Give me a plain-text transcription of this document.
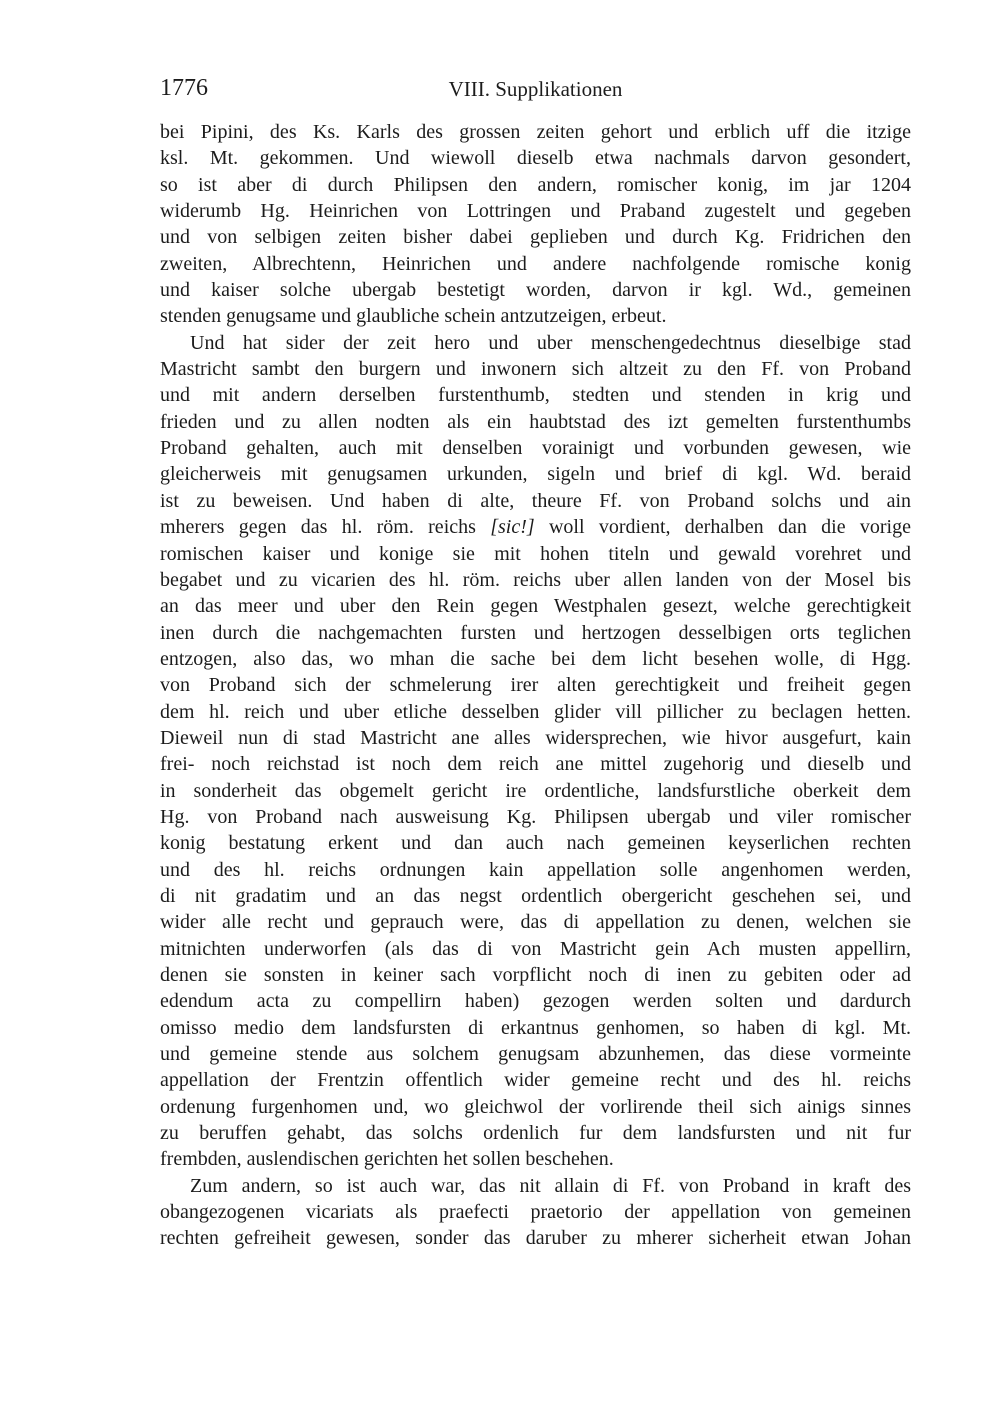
1776	VIII. Supplikationen
bei Pipini, des Ks. Karls des grossen zeiten gehort und erblich uff die itzige
ksl. Mt. gekommen. Und wiewoll dieselb etwa nachmals darvon gesondert,
so ist aber di durch Philipsen den andern, romischer konig, im jar 1204
widerumb Hg. Heinrichen von Lottringen und Praband zugestelt und gegeben
und von selbigen zeiten bisher dabei geplieben und durch Kg. Fridrichen den
zweiten, Albrechtenn, Heinrichen und andere nachfolgende romische konig
und kaiser solche ubergab bestetigt worden, darvon ir kgl. Wd., gemeinen
stenden genugsame und glaubliche schein antzutzeigen, erbeut.
Und hat sider der zeit hero und uber menschengedechtnus dieselbige stad
Mastricht sambt den burgern und inwonern sich altzeit zu den Ff. von Proband
und mit andern derselben furstenthumb, stedten und stenden in krig und
frieden und zu allen nodten als ein haubtstad des izt gemelten furstenthumbs
Proband gehalten, auch mit denselben vorainigt und vorbunden gewesen, wie
gleicherweis mit genugsamen urkunden, sigeln und brief di kgl. Wd. beraid
ist zu beweisen. Und haben di alte, theure Ff. von Proband solchs und ain
mherers gegen das hl. röm. reichs [sic!] woll vordient, derhalben dan die vorige
romischen kaiser und konige sie mit hohen titeln und gewald vorehret und
begabet und zu vicarien des hl. röm. reichs uber allen landen von der Mosel bis
an das meer und uber den Rein gegen Westphalen gesezt, welche gerechtigkeit
inen durch die nachgemachten fursten und hertzogen desselbigen orts teglichen
entzogen, also das, wo mhan die sache bei dem licht besehen wolle, di Hgg.
von Proband sich der schmelerung irer alten gerechtigkeit und freiheit gegen
dem hl. reich und uber etliche desselben glider vill pillicher zu beclagen hetten.
Dieweil nun di stad Mastricht ane alles widersprechen, wie hivor ausgefurt, kain
frei- noch reichstad ist noch dem reich ane mittel zugehorig und dieselb und
in sonderheit das obgemelt gericht ire ordentliche, landsfurstliche oberkeit dem
Hg. von Proband nach ausweisung Kg. Philipsen ubergab und viler romischer
konig bestatung erkent und dan auch nach gemeinen keyserlichen rechten
und des hl. reichs ordnungen kain appellation solle angenhomen werden,
di nit gradatim und an das negst ordentlich obergericht geschehen sei, und
wider alle recht und geprauch were, das di appellation zu denen, welchen sie
mitnichten underworfen (als das di von Mastricht gein Ach musten appellirn,
denen sie sonsten in keiner sach vorpflicht noch di inen zu gebiten oder ad
edendum acta zu compellirn haben) gezogen werden solten und dardurch
omisso medio dem landsfursten di erkantnus genhomen, so haben di kgl. Mt.
und gemeine stende aus solchem genugsam abzunhemen, das diese vormeinte
appellation der Frentzin offentlich wider gemeine recht und des hl. reichs
ordenung furgenhomen und, wo gleichwol der vorlirende theil sich ainigs sinnes
zu beruffen gehabt, das solchs ordenlich fur dem landsfursten und nit fur
frembden, auslendischen gerichten het sollen beschehen.
Zum andern, so ist auch war, das nit allain di Ff. von Proband in kraft des
obangezogenen vicariats als praefecti praetorio der appellation von gemeinen
rechten gefreiheit gewesen, sonder das daruber zu mherer sicherheit etwan Johan
